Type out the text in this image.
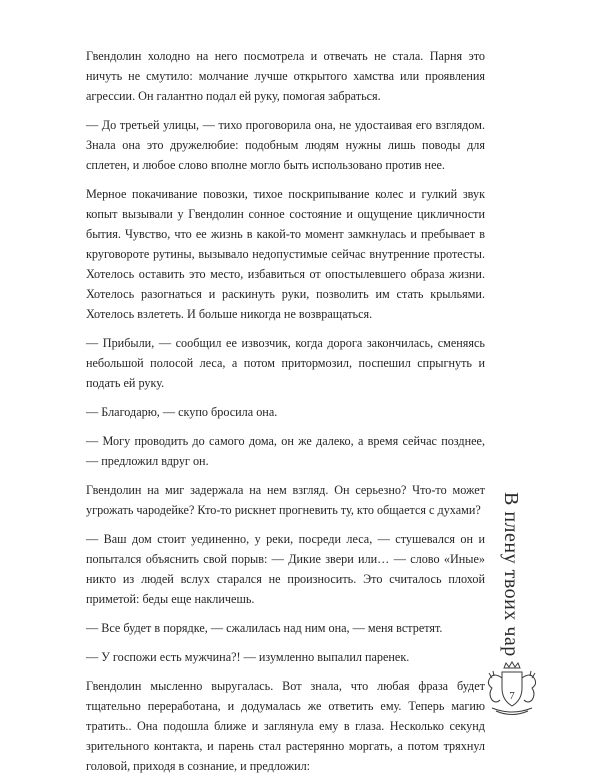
Гвендолин холодно на него посмотрела и отвечать не стала. Парня это ничуть не смутило: молчание лучше открытого хамства или проявления агрессии. Он галантно подал ей руку, помогая забраться.

— До третьей улицы, — тихо проговорила она, не удостаивая его взглядом. Знала она это дружелюбие: подобным людям нужны лишь поводы для сплетен, и любое слово вполне могло быть использовано против нее.

Мерное покачивание повозки, тихое поскрипывание колес и гулкий звук копыт вызывали у Гвендолин сонное состояние и ощущение цикличности бытия. Чувство, что ее жизнь в какой-то момент замкнулась и пребывает в круговороте рутины, вызывало недопустимые сейчас внутренние протесты. Хотелось оставить это место, избавиться от опостылевшего образа жизни. Хотелось разогнаться и раскинуть руки, позволить им стать крыльями. Хотелось взлететь. И больше никогда не возвращаться.

— Прибыли, — сообщил ее извозчик, когда дорога закончилась, сменяясь небольшой полосой леса, а потом притормозил, поспешил спрыгнуть и подать ей руку.

— Благодарю, — скупо бросила она.

— Могу проводить до самого дома, он же далеко, а время сейчас позднее, — предложил вдруг он.

Гвендолин на миг задержала на нем взгляд. Он серьезно? Что-то может угрожать чародейке? Кто-то рискнет прогневить ту, кто общается с духами?

— Ваш дом стоит уединенно, у реки, посреди леса, — стушевался он и попытался объяснить свой порыв: — Дикие звери или… — слово «Иные» никто из людей вслух старался не произносить. Это считалось плохой приметой: беды еще накличешь.

— Все будет в порядке, — сжалилась над ним она, — меня встретят.

— У госпожи есть мужчина?! — изумленно выпалил паренек.

Гвендолин мысленно выругалась. Вот знала, что любая фраза будет тщательно переработана, и додумалась же ответить ему. Теперь магию тратить.. Она подошла ближе и заглянула ему в глаза. Несколько секунд зрительного контакта, и парень стал растерянно моргать, а потом тряхнул головой, приходя в сознание, и предложил:

В плену твоих чар
7
